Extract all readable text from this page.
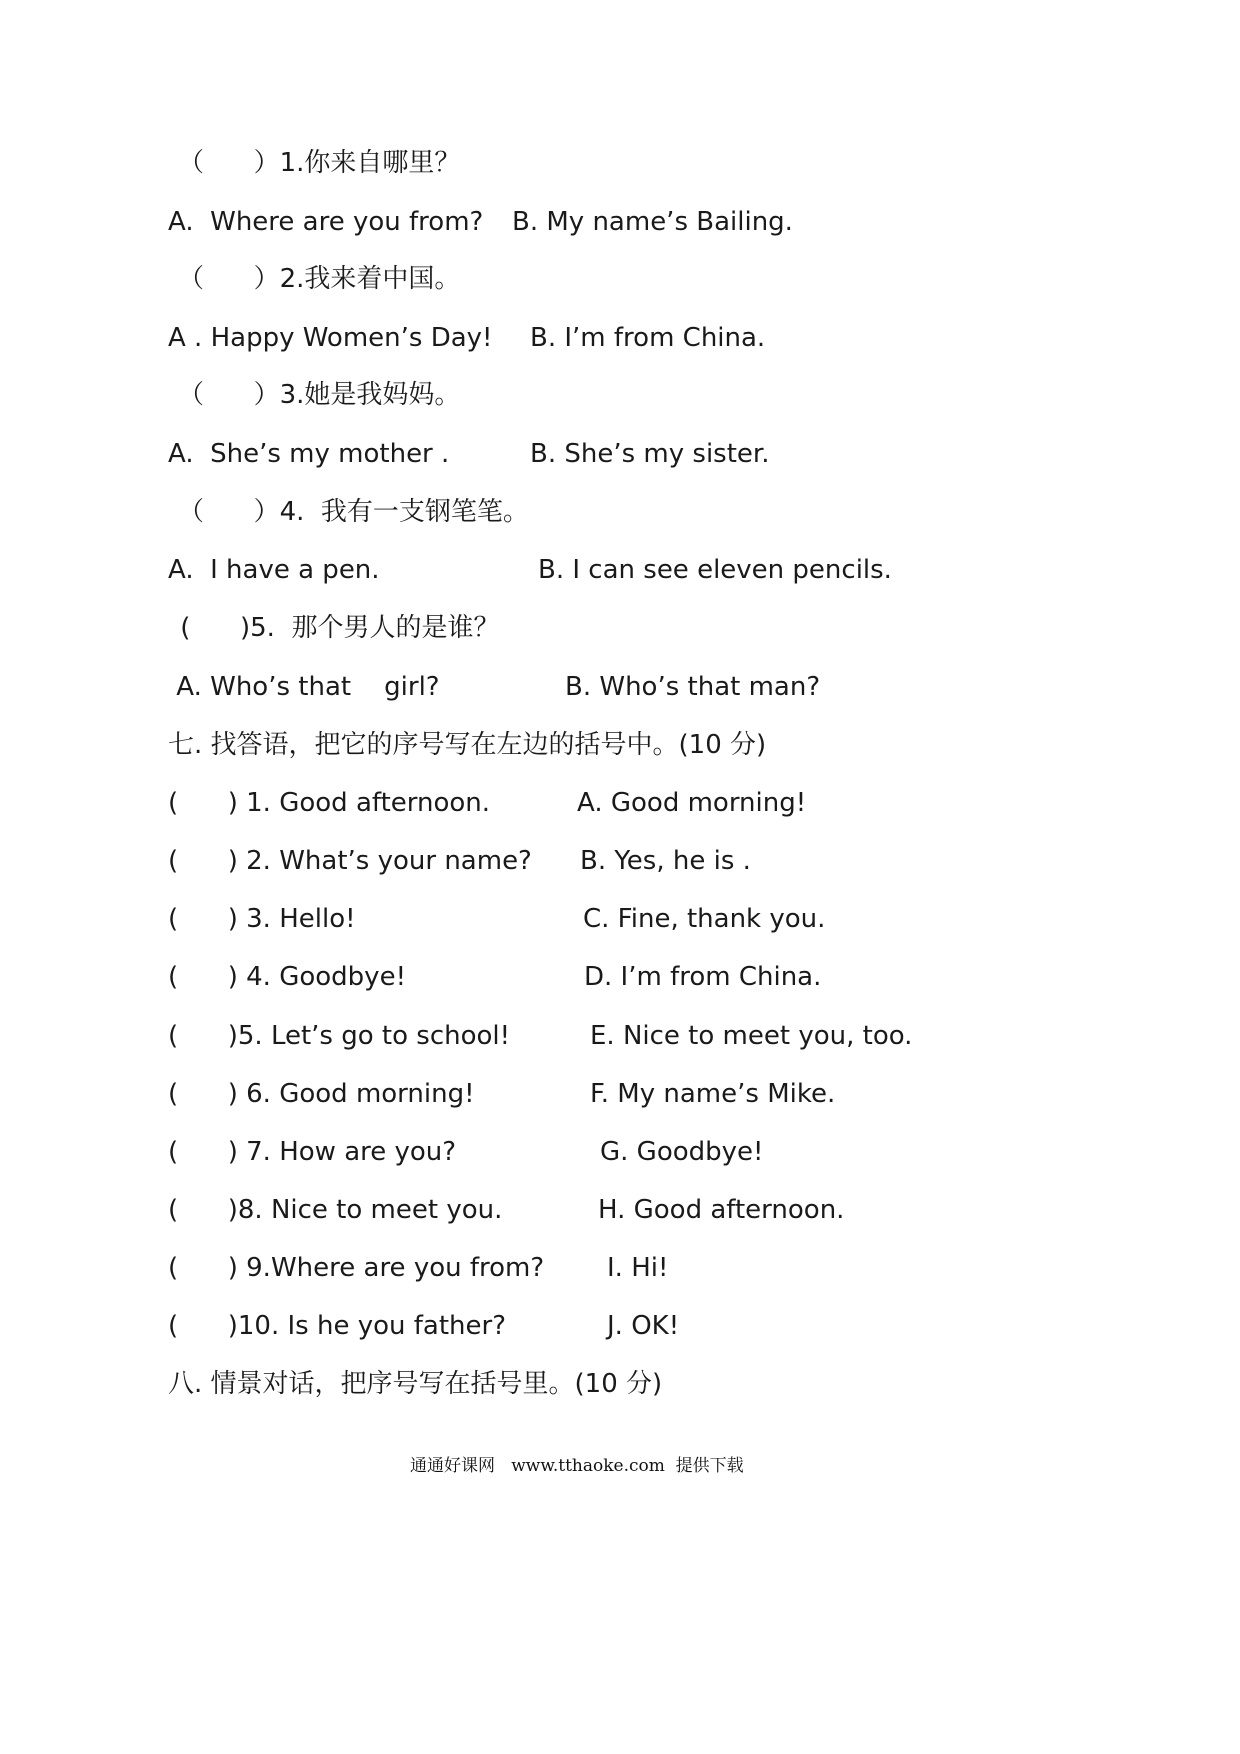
（      ）1.你来自哪里？
A.  Where are you from? B. My name’s Bailing.
（      ）2.我来着中国。
A . Happy Women’s Day! B. I’m from China.
（      ）3.她是我妈妈。
A.  She’s my mother .	B. She’s my sister.
（      ）4.  我有一支钢笔笔。
A.  I have a pen.	B. I can see eleven pencils.
(      )5.  那个男人的是谁？
A. Who’s that    girl?	B. Who’s that man?
七. 找答语，把它的序号写在左边的括号中。(10 分)
(      ) 1. Good afternoon.	A. Good morning!
(      ) 2. What’s your name? B. Yes, he is .
(      ) 3. Hello!	C. Fine, thank you.
(      ) 4. Goodbye!	D. I’m from China.
(      )5. Let’s go to school!	E. Nice to meet you, too.
(      ) 6. Good morning!	F. My name’s Mike.
(      ) 7. How are you?	G. Goodbye!
(      )8. Nice to meet you.	H. Good afternoon.
(      ) 9.Where are you from? I. Hi!
(      )10. Is he you father?	J. OK!
八. 情景对话，把序号写在括号里。(10 分)
通通好课网   www.tthaoke.com  提供下载
